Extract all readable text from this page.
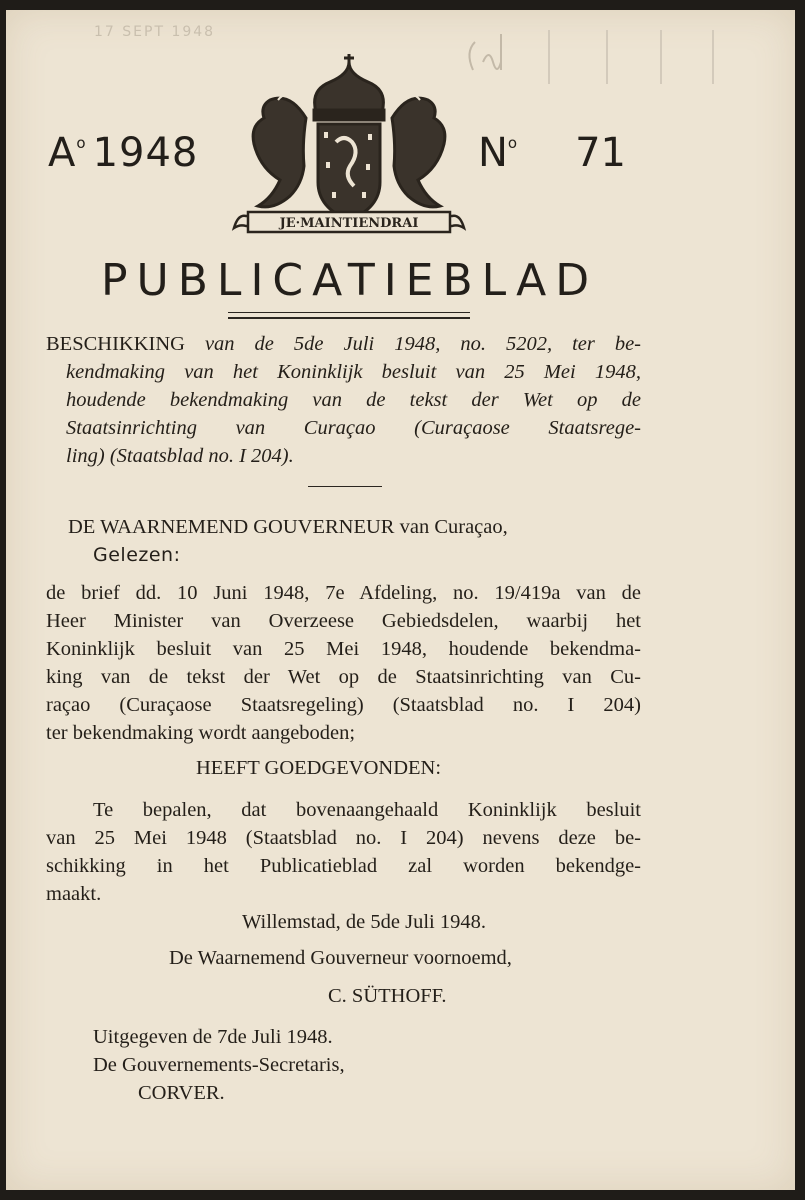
17 SEPT 1948
$A^o$ 1948
JE·MAINTIENDRAI
$N^o$ 71
PUBLICATIEBLAD
BESCHIKKING van de 5de Juli 1948, no. 5202, ter be-
kendmaking van het Koninklijk besluit van 25 Mei 1948,
houdende bekendmaking van de tekst der Wet op de
Staatsinrichting van Curaçao (Curaçaose Staatsrege-
ling) (Staatsblad no. I 204).
DE WAARNEMEND GOUVERNEUR van Curaçao,
Gelezen:
de brief dd. 10 Juni 1948, 7e Afdeling, no. 19/419a van de
Heer Minister van Overzeese Gebiedsdelen, waarbij het
Koninklijk besluit van 25 Mei 1948, houdende bekendma-
king van de tekst der Wet op de Staatsinrichting van Cu-
raçao (Curaçaose Staatsregeling) (Staatsblad no. I 204)
ter bekendmaking wordt aangeboden;
HEEFT GOEDGEVONDEN:
Te bepalen, dat bovenaangehaald Koninklijk besluit
van 25 Mei 1948 (Staatsblad no. I 204) nevens deze be-
schikking in het Publicatieblad zal worden bekendge-
maakt.
Willemstad, de 5de Juli 1948.
De Waarnemend Gouverneur voornoemd,
C. SÜTHOFF.
Uitgegeven de 7de Juli 1948.
De Gouvernements-Secretaris,
CORVER.
